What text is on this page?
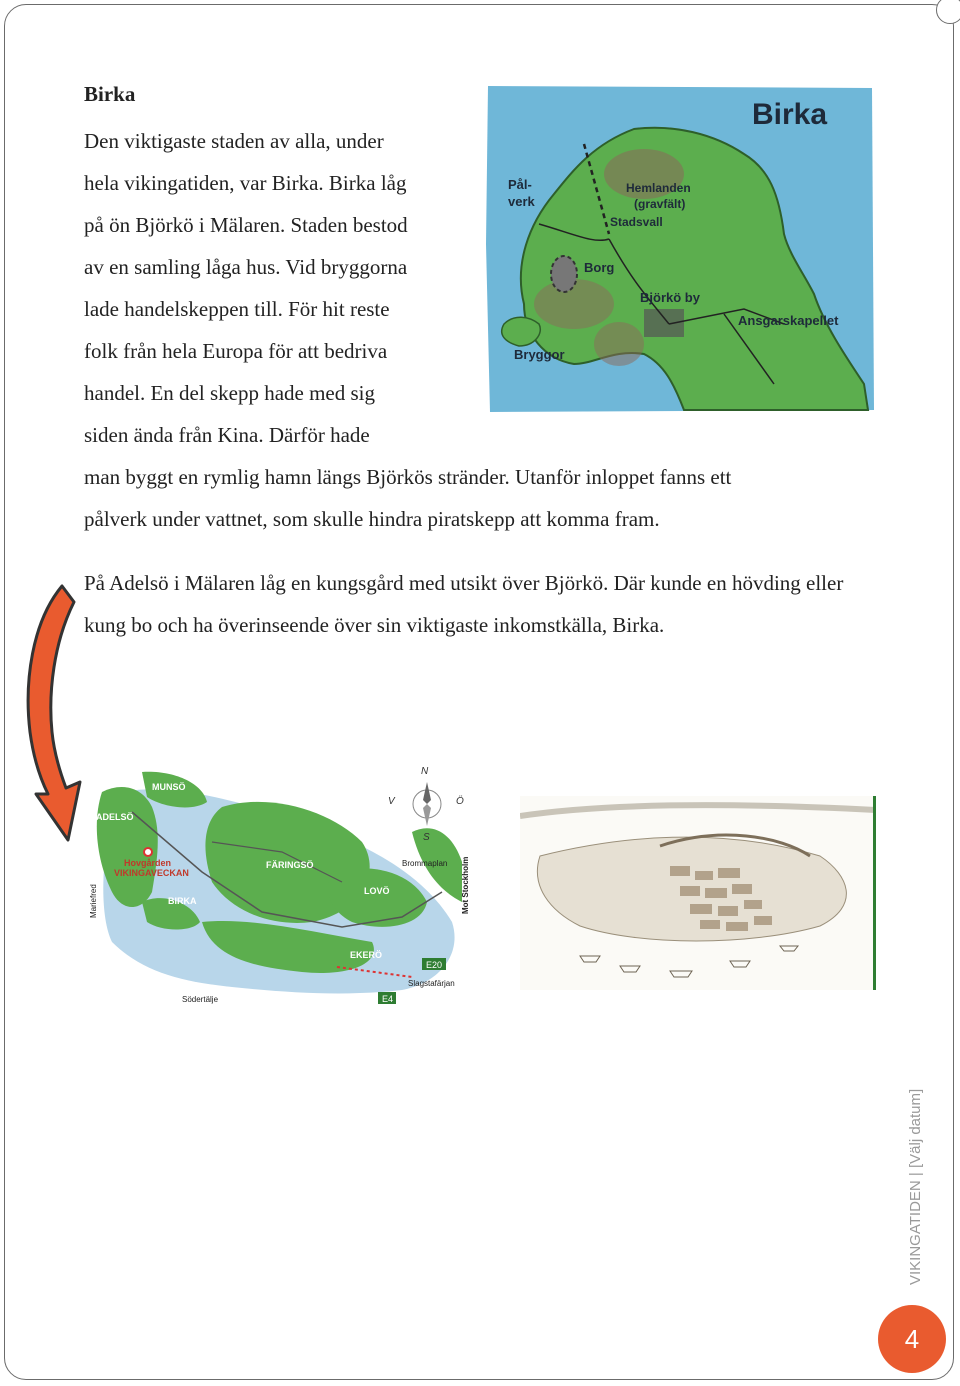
Birka
Den viktigaste staden av alla, under
hela vikingatiden, var Birka. Birka låg
på ön Björkö i Mälaren. Staden bestod
av en samling låga hus. Vid bryggorna
lade handelskeppen till. För hit reste
folk från hela Europa för att bedriva
handel. En del skepp hade med sig
siden ända från Kina. Därför hade
man byggt en rymlig hamn längs Björkös stränder. Utanför inloppet fanns ett
pålverk under vattnet, som skulle hindra piratskepp att komma fram.
På Adelsö i Mälaren låg en kungsgård med utsikt över Björkö. Där kunde en hövding eller kung bo och ha överinseende över sin viktigaste inkomstkälla, Birka.
Birka
Pål-
verk
Hemlanden
(gravfält)
Stadsvall
Borg
Björkö by
Ansgarskapellet
Bryggor
N
S
V	Ö
MUNSÖ
ADELSÖ
Hovgården
VIKINGAVECKAN
FÄRINGSÖ
LOVÖ
BIRKA
EKERÖ
Brommaplan Mot Stockholm
Slagstafärjan
Södertälje
Mariefred
E20
E4
VIKINGATIDEN | [Välj datum]
4
